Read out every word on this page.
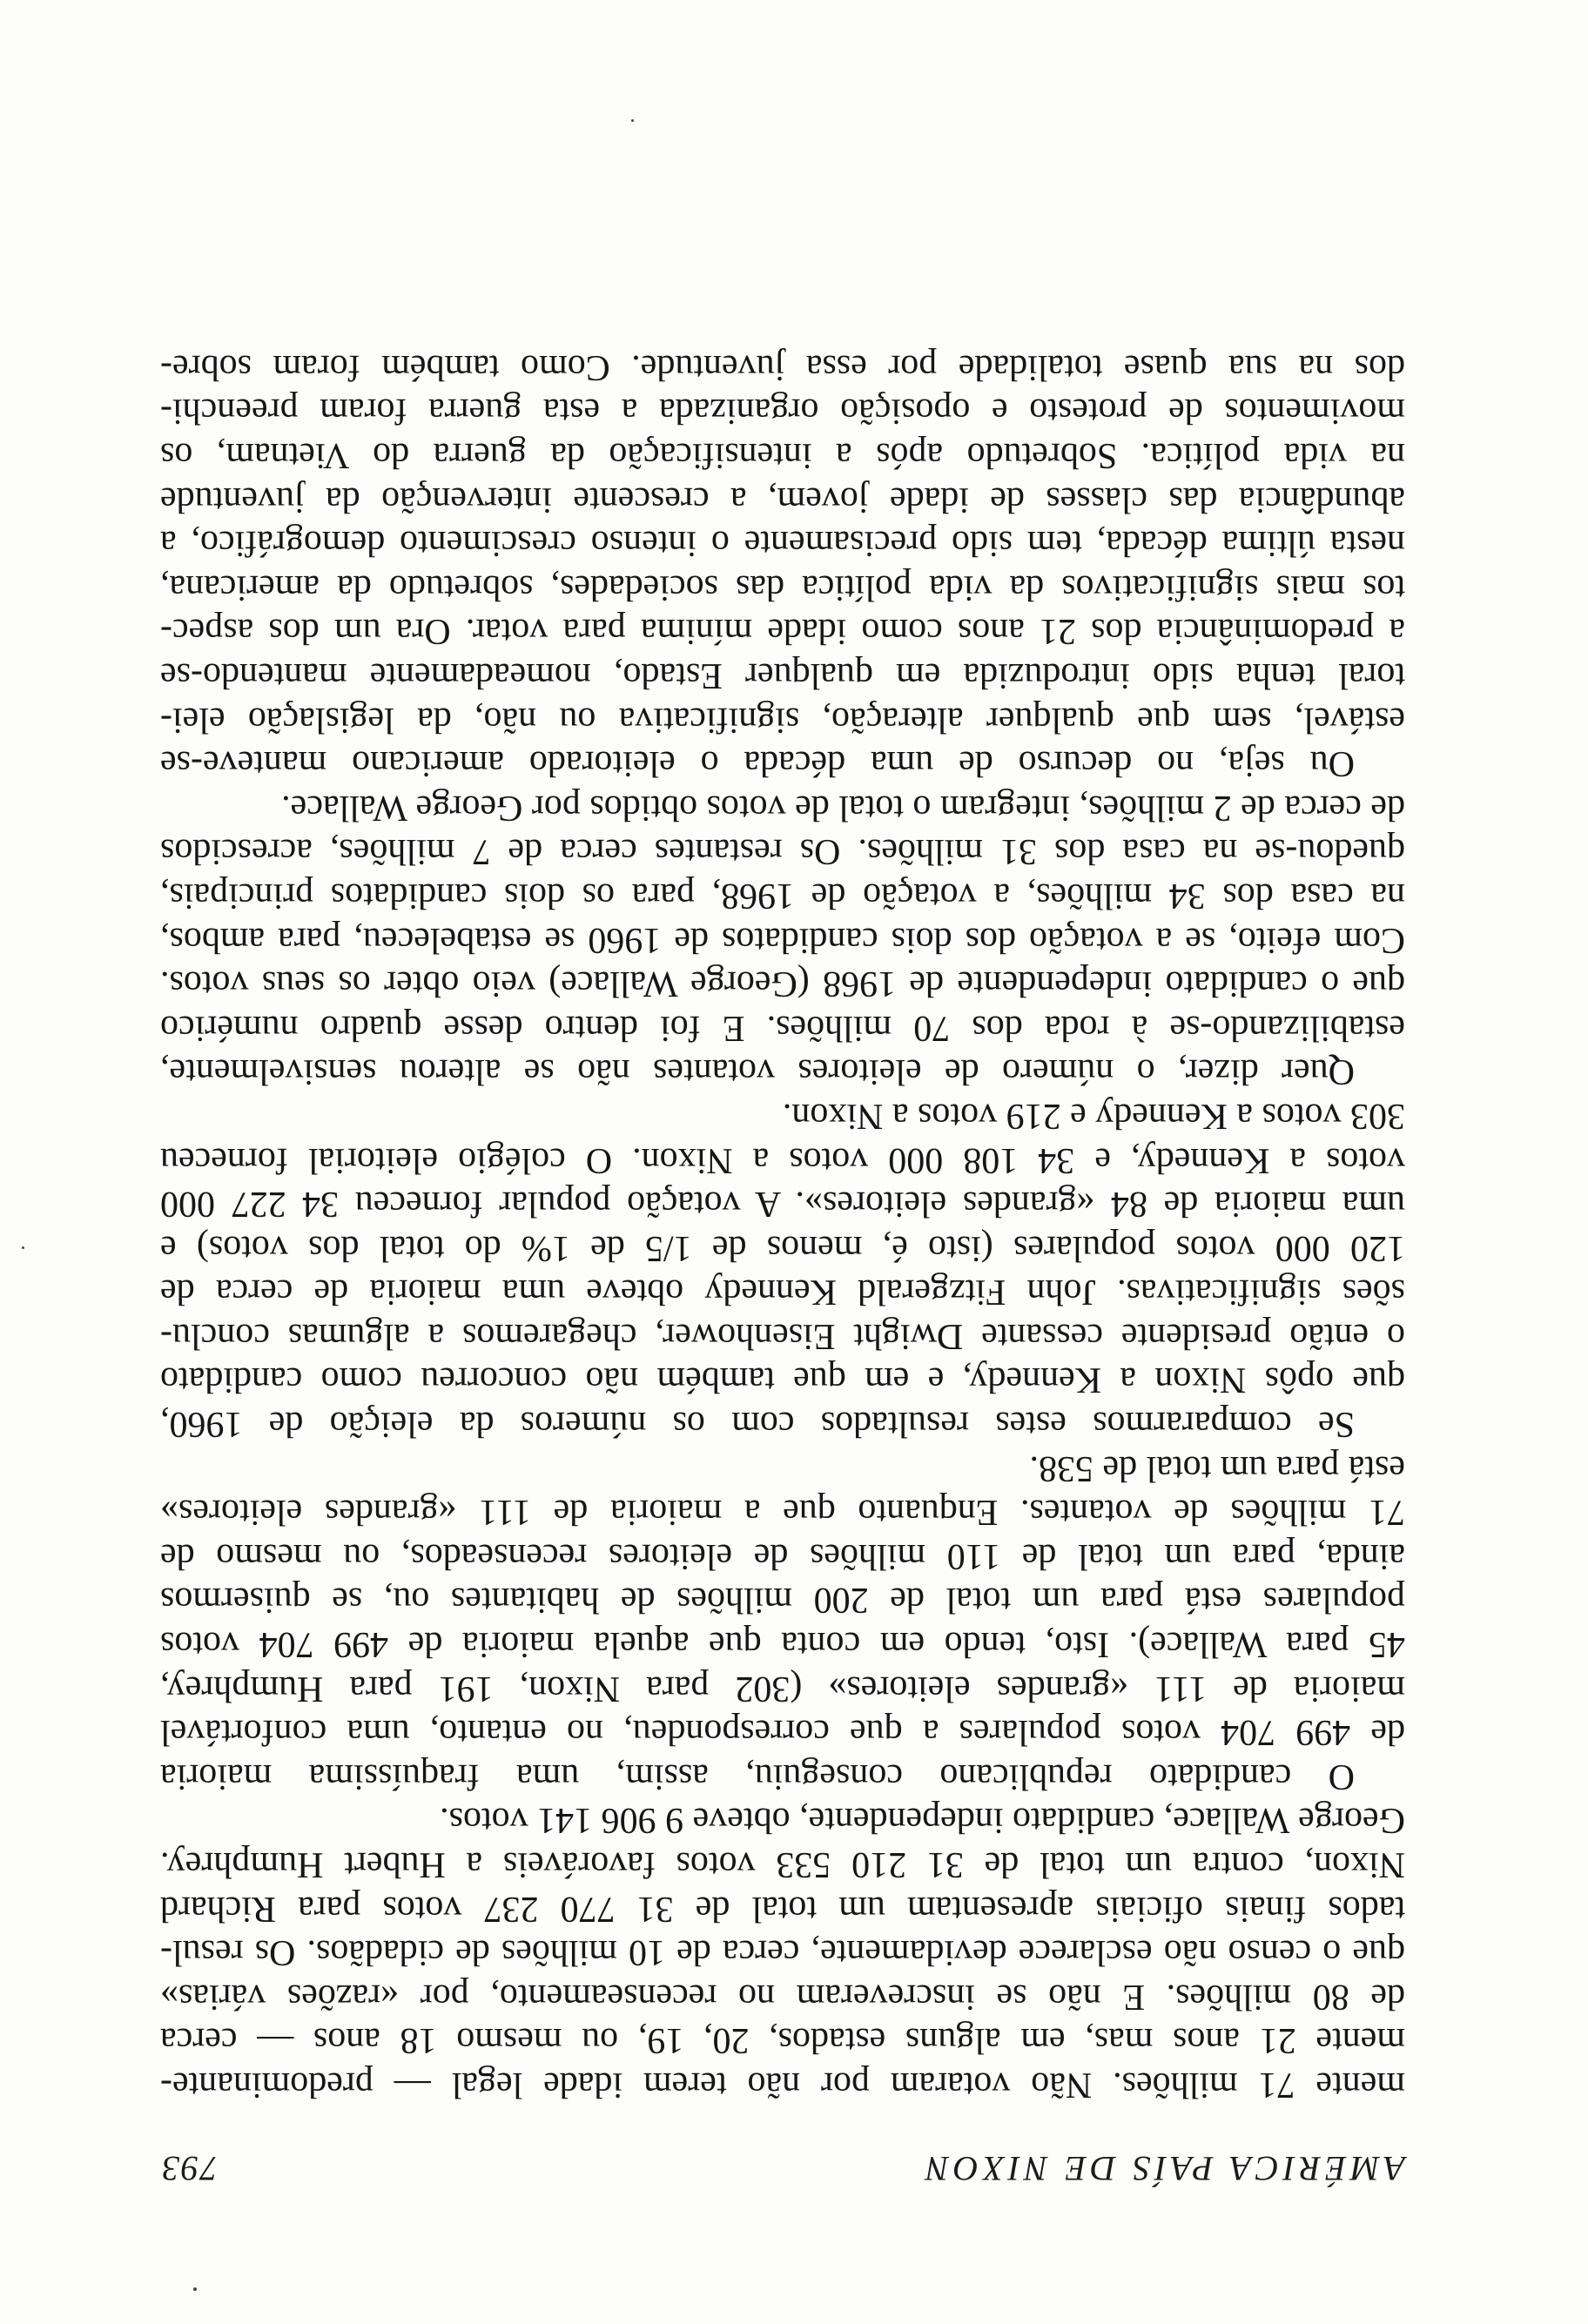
AMÉRICA PAÍS DE NIXON
793
mente 71 milhões. Não votaram por não terem idade legal — predominante-
mente 21 anos mas, em alguns estados, 20, 19, ou mesmo 18 anos — cerca
de 80 milhões. E não se inscreveram no recenseamento, por «razões várias»
que o censo não esclarece devidamente, cerca de 10 milhões de cidadãos. Os resul-
tados finais oficiais apresentam um total de 31 770 237 votos para Richard
Nixon, contra um total de 31 210 533 votos favoráveis a Hubert Humphrey.
George Wallace, candidato independente, obteve 9 906 141 votos.
O candidato republicano conseguiu, assim, uma fraquíssima maioria
de 499 704 votos populares a que correspondeu, no entanto, uma confortável
maioria de 111 «grandes eleitores» (302 para Nixon, 191 para Humphrey,
45 para Wallace). Isto, tendo em conta que aquela maioria de 499 704 votos
populares está para um total de 200 milhões de habitantes ou, se quisermos
ainda, para um total de 110 milhões de eleitores recenseados, ou mesmo de
71 milhões de votantes. Enquanto que a maioria de 111 «grandes eleitores»
está para um total de 538.
Se compararmos estes resultados com os números da eleição de 1960,
que opôs Nixon a Kennedy, e em que também não concorreu como candidato
o então presidente cessante Dwight Eisenhower, chegaremos a algumas conclu-
sões significativas. John Fitzgerald Kennedy obteve uma maioria de cerca de
120 000 votos populares (isto é, menos de 1/5 de 1% do total dos votos) e
uma maioria de 84 «grandes eleitores». A votação popular forneceu 34 227 000
votos a Kennedy, e 34 108 000 votos a Nixon. O colégio eleitorial forneceu
303 votos a Kennedy e 219 votos a Nixon.
Quer dizer, o número de eleitores votantes não se alterou sensivelmente,
estabilizando-se à roda dos 70 milhões. E foi dentro desse quadro numérico
que o candidato independente de 1968 (George Wallace) veio obter os seus votos.
Com efeito, se a votação dos dois candidatos de 1960 se estabeleceu, para ambos,
na casa dos 34 milhões, a votação de 1968, para os dois candidatos principais,
quedou-se na casa dos 31 milhões. Os restantes cerca de 7 milhões, acrescidos
de cerca de 2 milhões, integram o total de votos obtidos por George Wallace.
Ou seja, no decurso de uma década o eleitorado americano manteve-se
estável, sem que qualquer alteração, significativa ou não, da legislação elei-
toral tenha sido introduzida em qualquer Estado, nomeadamente mantendo-se
a predominância dos 21 anos como idade mínima para votar. Ora um dos aspec-
tos mais significativos da vida política das sociedades, sobretudo da americana,
nesta última década, tem sido precisamente o intenso crescimento demográfico, a
abundância das classes de idade jovem, a crescente intervenção da juventude
na vida política. Sobretudo após a intensificação da guerra do Vietnam, os
movimentos de protesto e oposição organizada a esta guerra foram preenchi-
dos na sua quase totalidade por essa juventude. Como também foram sobre-
